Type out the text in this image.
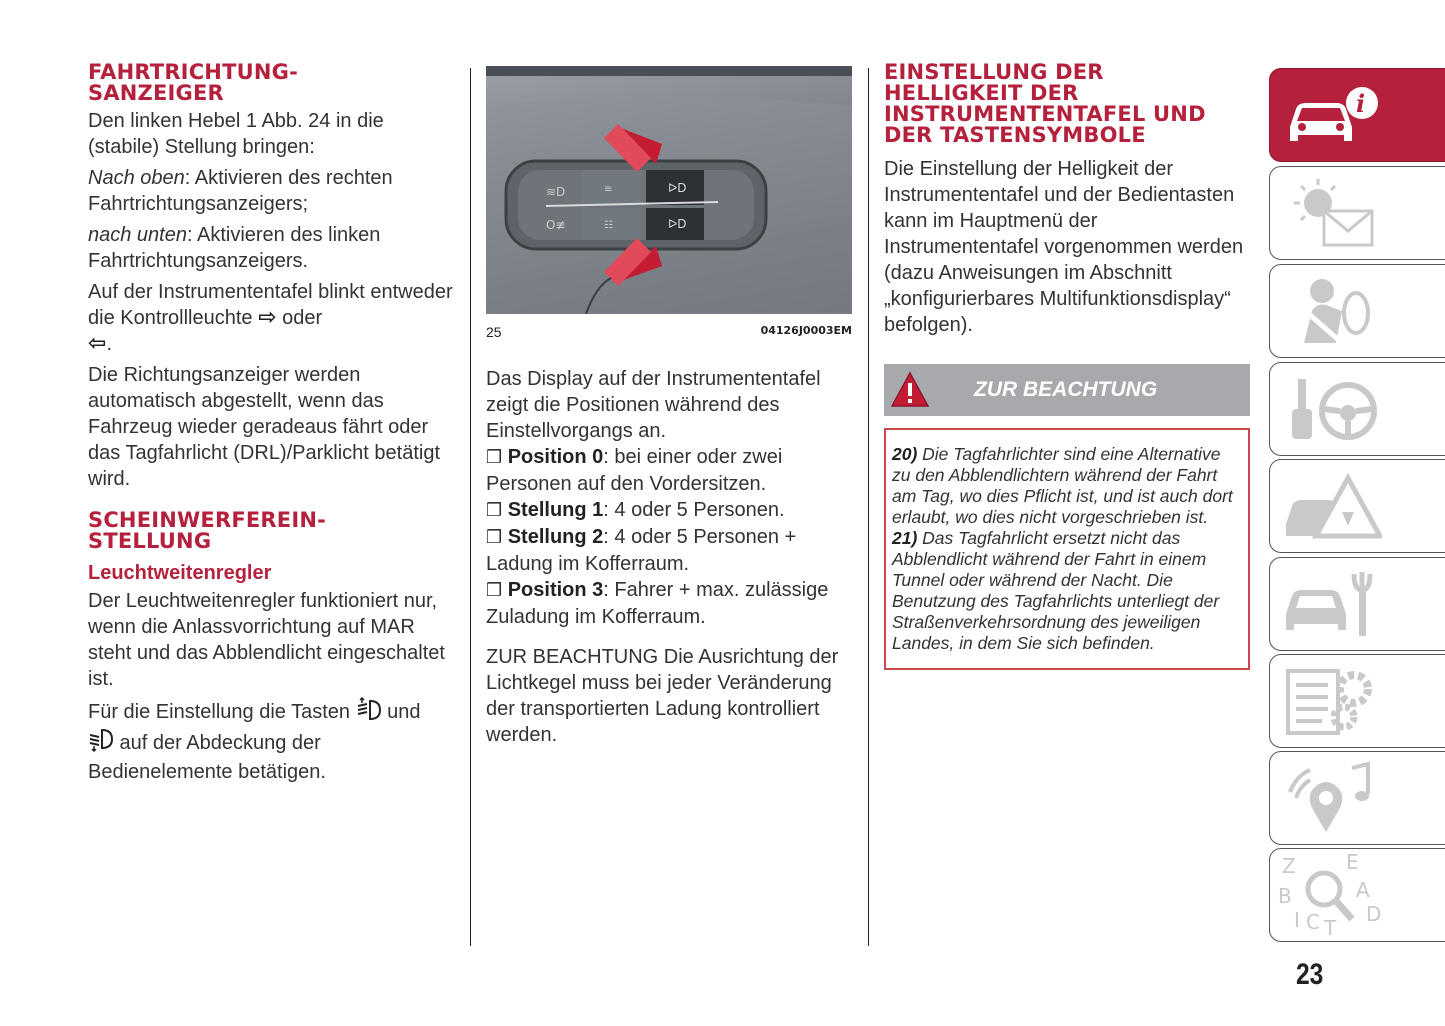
FAHRTRICHTUNG-
SANZEIGER

Den linken Hebel 1 Abb. 24 in die (stabile) Stellung bringen:

Nach oben: Aktivieren des rechten Fahrtrichtungsanzeigers;

nach unten: Aktivieren des linken Fahrtrichtungsanzeigers.

Auf der Instrumententafel blinkt entweder die Kontrollleuchte ⇨ oder
⇦.

Die Richtungsanzeiger werden automatisch abgestellt, wenn das Fahrzeug wieder geradeaus fährt oder das Tagfahrlicht (DRL)/Parklicht betätigt wird.

SCHEINWERFEREIN-
STELLUNG
Leuchtweitenregler

Der Leuchtweitenregler funktioniert nur, wenn die Anlassvorrichtung auf MAR steht und das Abblendlicht eingeschaltet ist.

Für die Einstellung die Tasten  und
auf der Abdeckung der Bedienelemente betätigen.

≋D
O≢
≡
☷
ᐅD
ᐅD
25	04126J0003EM

Das Display auf der Instrumententafel zeigt die Positionen während des Einstellvorgangs an.

❒ Position 0: bei einer oder zwei Personen auf den Vordersitzen.

❒ Stellung 1: 4 oder 5 Personen.

❒ Stellung 2: 4 oder 5 Personen + Ladung im Kofferraum.

❒ Position 3: Fahrer + max. zulässige Zuladung im Kofferraum.

ZUR BEACHTUNG Die Ausrichtung der Lichtkegel muss bei jeder Veränderung der transportierten Ladung kontrolliert werden.

EINSTELLUNG DER HELLIGKEIT DER INSTRUMENTENTAFEL UND DER TASTENSYMBOLE

Die Einstellung der Helligkeit der Instrumententafel und der Bedientasten kann im Hauptmenü der Instrumententafel vorgenommen werden (dazu Anweisungen im Abschnitt „konfigurierbares Multifunktionsdisplay“ befolgen).

ZUR BEACHTUNG

20) Die Tagfahrlichter sind eine Alternative zu den Abblendlichtern während der Fahrt am Tag, wo dies Pflicht ist, und ist auch dort erlaubt, wo dies nicht vorgeschrieben ist.

21) Das Tagfahrlicht ersetzt nicht das Abblendlicht während der Fahrt in einem Tunnel oder während der Nacht. Die Benutzung des Tagfahrlichts unterliegt der Straßenverkehrsordnung des jeweiligen Landes, in dem Sie sich befinden.

i
Z	E
B	A
I C T
D
23
